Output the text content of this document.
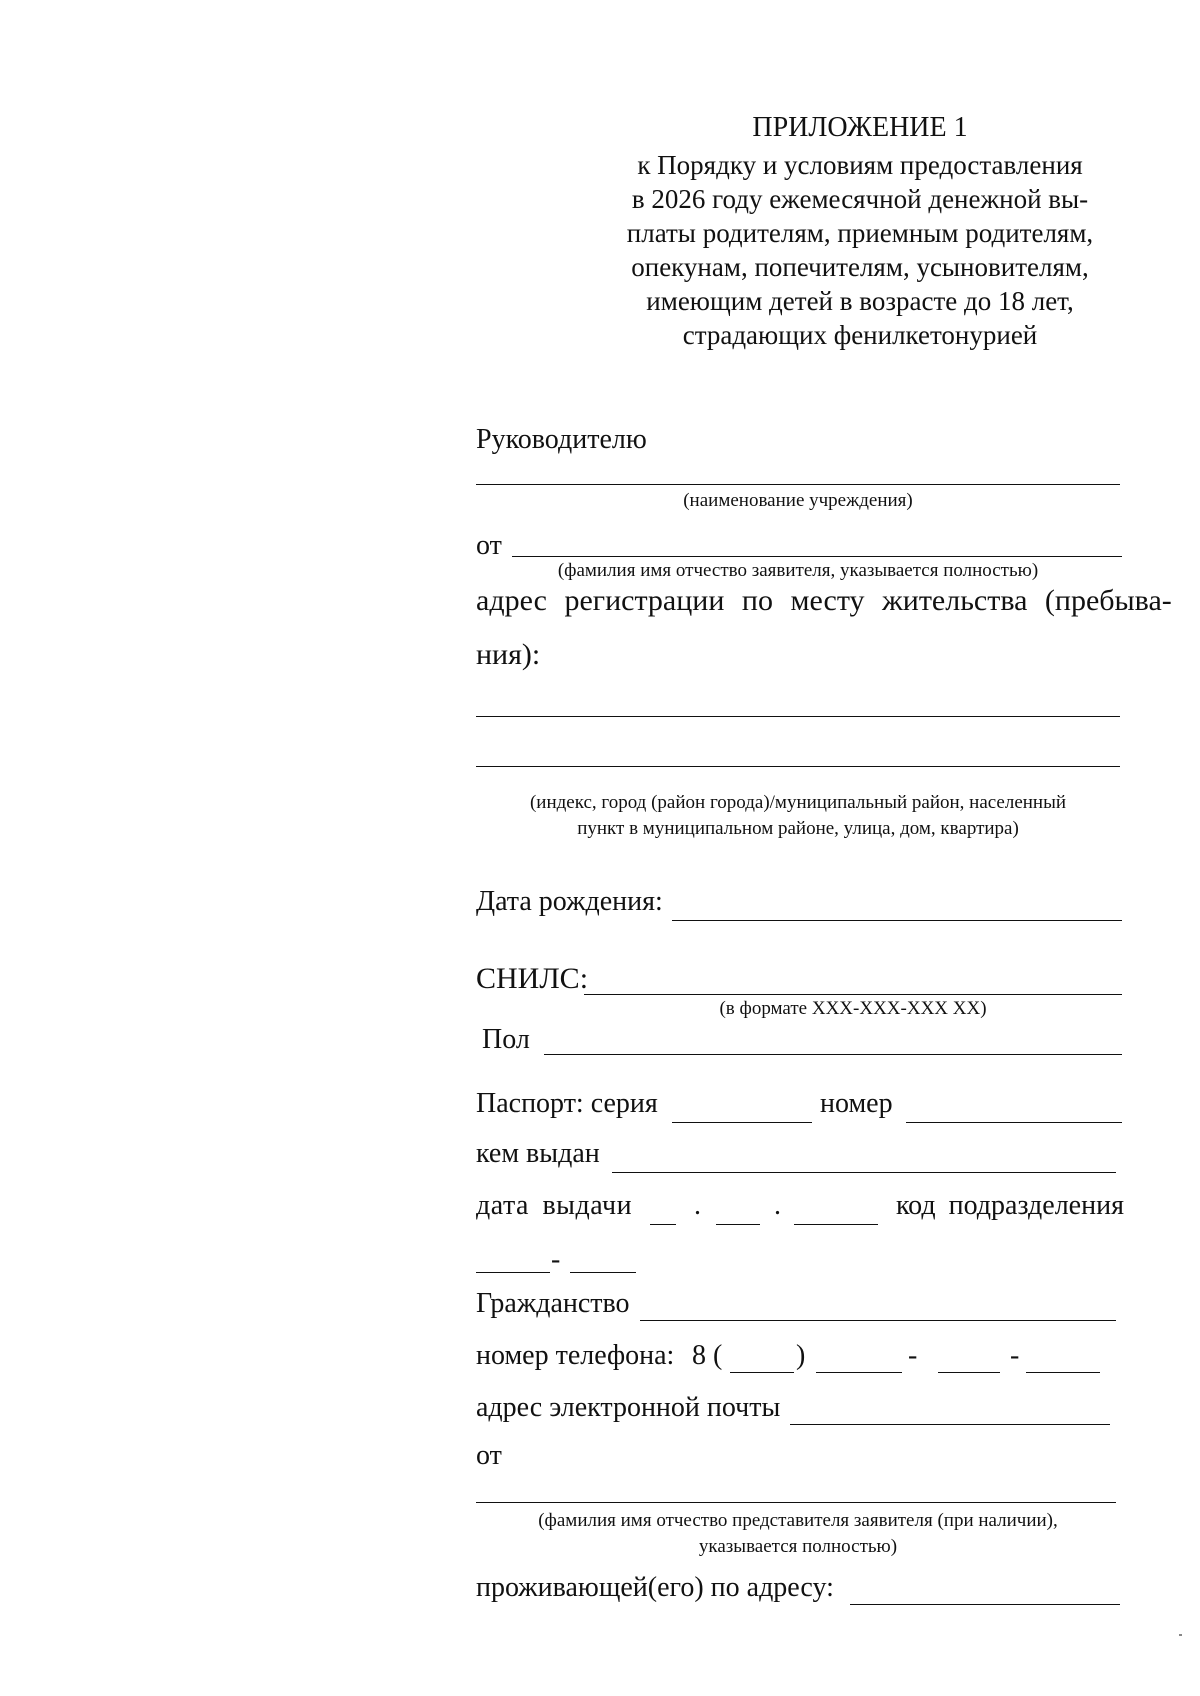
ПРИЛОЖЕНИЕ 1
к Порядку и условиям предоставления
в 2026 году ежемесячной денежной вы-
платы родителям, приемным родителям,
опекунам, попечителям, усыновителям,
имеющим детей в возрасте до 18 лет,
страдающих фенилкетонурией
Руководителю
(наименование учреждения)
от
(фамилия имя отчество заявителя, указывается полностью)
адрес регистрации по месту жительства (пребыва-
ния):
(индекс, город (район города)/муниципальный район, населенный
пункт в муниципальном районе, улица, дом, квартира)
Дата рождения:
СНИЛС:
(в формате XXX-XXX-XXX XX)
Пол
Паспорт: серия	номер
кем выдан
дата выдачи .	.	код подразделения
-
Гражданство
номер телефона: 8 (	)	-	-
адрес электронной почты
от
(фамилия имя отчество представителя заявителя (при наличии),
указывается полностью)
проживающей(его) по адресу:
